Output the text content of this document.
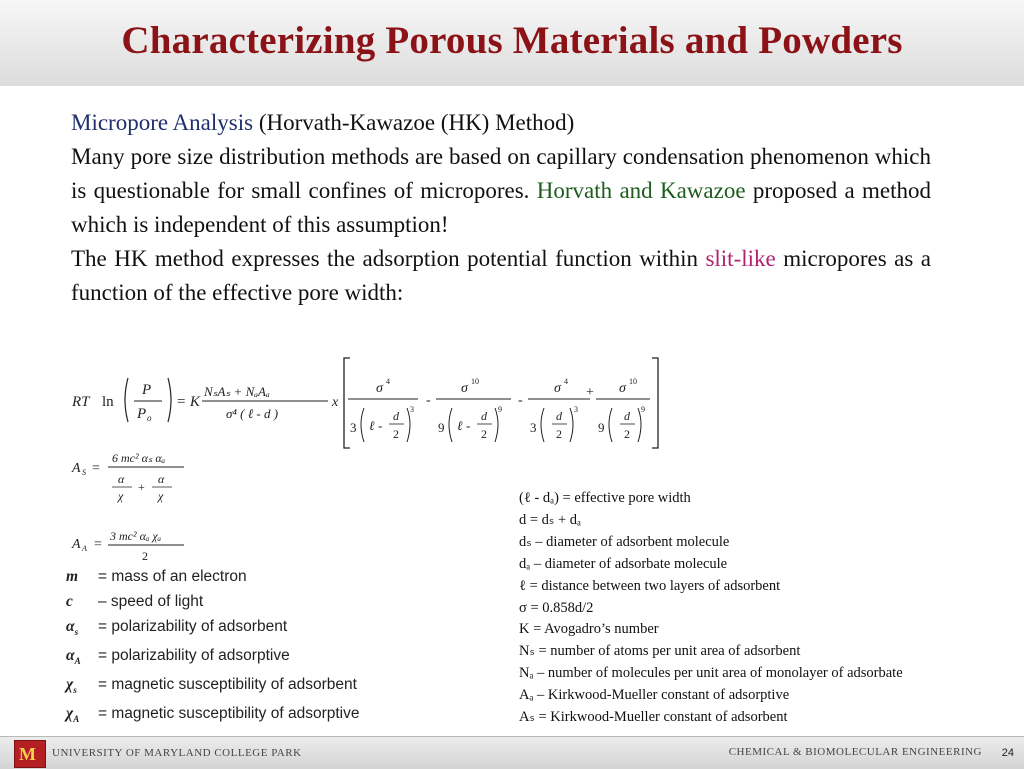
Characterizing Porous Materials and Powders
Micropore Analysis (Horvath-Kawazoe (HK) Method)
Many pore size distribution methods are based on capillary condensation phenomenon which is questionable for small confines of micropores. Horvath and Kawazoe proposed a method which is independent of this assumption!
The HK method expresses the adsorption potential function within slit-like micropores as a function of the effective pore width:
RT ln
P
P o
= K
NₛAₛ + NₐAₐ
σ⁴ ( ℓ - d )
x
σ 4
3 ℓ -
d
2
3
-
σ 10
9 ℓ -
d
2
9
-
σ 4
3
d
2
3
+ σ 10
9
d
2
9
A S =
6 mc² αₛ αₐ
α
χ
+
α
χ
A A =
3 mc² αₐ χₐ
2
m = mass of an electron
c – speed of light
$\alpha_s$ = polarizability of adsorbent
$\alpha_A$ = polarizability of adsorptive
$\chi_s$ = magnetic susceptibility of adsorbent
$\chi_A$ = magnetic susceptibility of adsorptive
(ℓ - dₐ) = effective pore width
d = dₛ + dₐ
dₛ – diameter of adsorbent molecule
dₐ – diameter of adsorbate molecule
ℓ = distance between two layers of adsorbent
σ = 0.858d/2
K = Avogadro’s number
Nₛ = number of atoms per unit area of adsorbent
Nₐ – number of molecules per unit area of monolayer of adsorbate
Aₐ – Kirkwood-Mueller constant of adsorptive
Aₛ = Kirkwood-Mueller constant of adsorbent
M UNIVERSITY OF MARYLAND COLLEGE PARK	CHEMICAL & BIOMOLECULAR ENGINEERING 24
